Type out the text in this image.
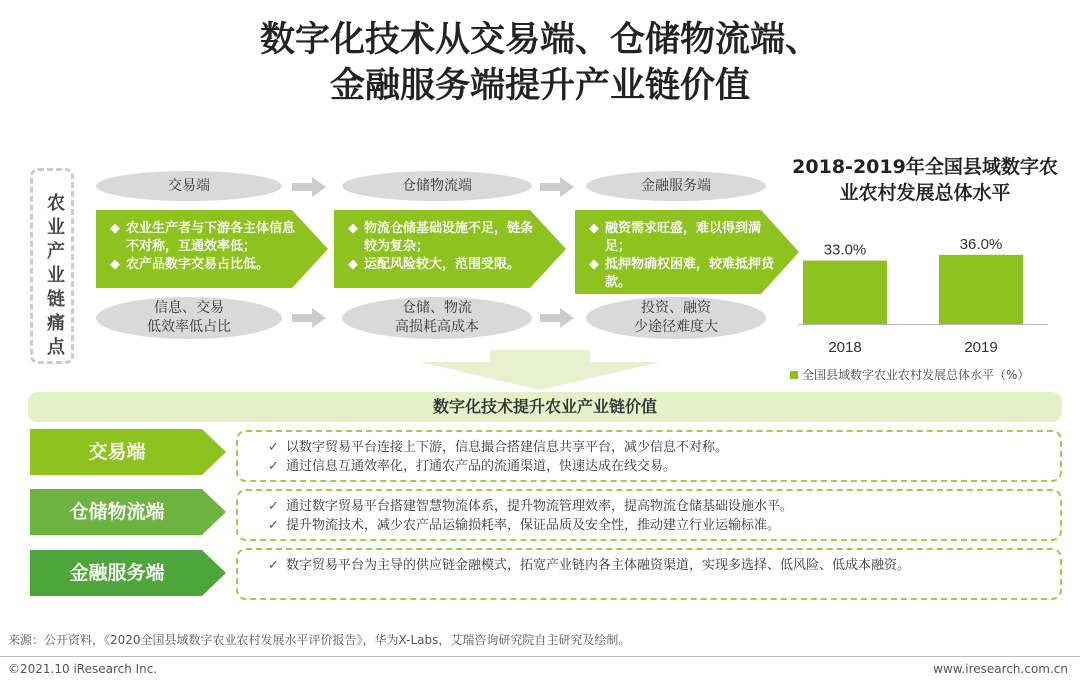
数字化技术从交易端、仓储物流端、
金融服务端提升产业链价值
农
业
产
业
链
痛
点
交易端
◆ 农业生产者与下游各主体信息不对称，互通效率低；
◆ 农产品数字交易占比低。
信息、交易
低效率低占比
仓储物流端
◆ 物流仓储基础设施不足，链条较为复杂；
◆ 运配风险较大，范围受限。
仓储、物流
高损耗高成本
金融服务端
◆ 融资需求旺盛，难以得到满足；
◆ 抵押物确权困难，较难抵押贷款。
投资、融资
少途径难度大
2018-2019年全国县域数字农业农村发展总体水平
33.0%
2018
36.0%
2019
全国县域数字农业农村发展总体水平（%）
数字化技术提升农业产业链价值
交易端	✓ 以数字贸易平台连接上下游，信息撮合搭建信息共享平台，减少信息不对称。
✓ 通过信息互通效率化，打通农产品的流通渠道，快速达成在线交易。
仓储物流端	✓ 通过数字贸易平台搭建智慧物流体系，提升物流管理效率，提高物流仓储基础设施水平。
✓ 提升物流技术，减少农产品运输损耗率，保证品质及安全性，推动建立行业运输标准。
金融服务端	✓ 数字贸易平台为主导的供应链金融模式，拓宽产业链内各主体融资渠道，实现多选择、低风险、低成本融资。
来源：公开资料，《2020全国县域数字农业农村发展水平评价报告》，华为X-Labs，艾瑞咨询研究院自主研究及绘制。
©2021.10 iResearch Inc.	www.iresearch.com.cn
